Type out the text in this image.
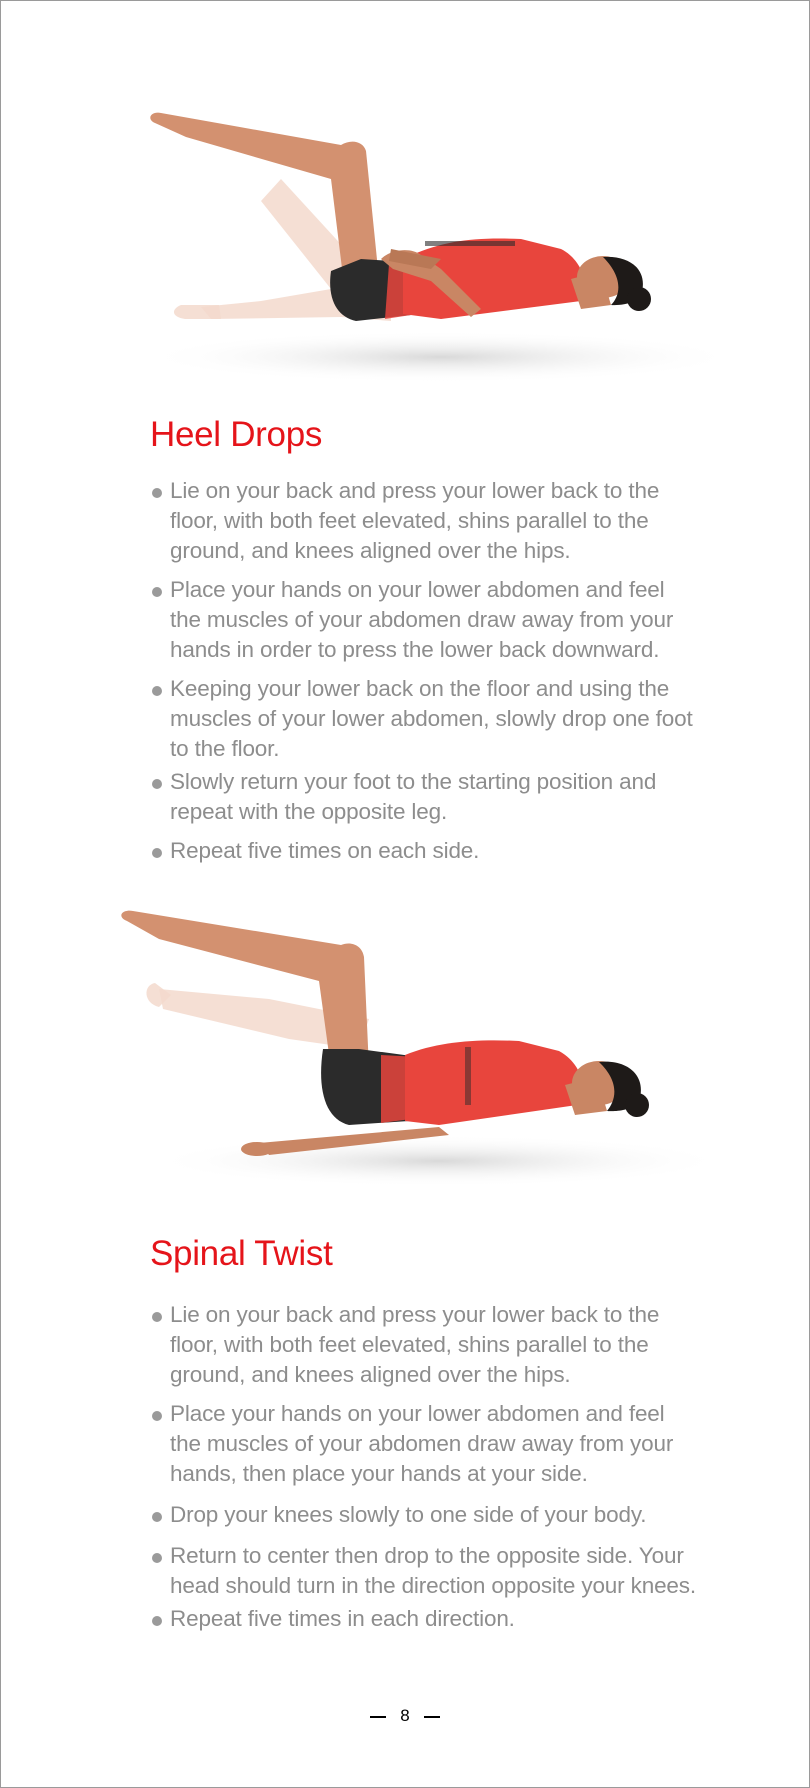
Heel Drops
Lie on your back and press your lower back to the floor, with both feet elevated, shins parallel to the ground, and knees aligned over the hips.
Place your hands on your lower abdomen and feel the muscles of your abdomen draw away from your hands in order to press the lower back downward.
Keeping your lower back on the floor and using the muscles of your lower abdomen, slowly drop one foot to the floor.
Slowly return your foot to the starting position and repeat with the opposite leg.
Repeat five times on each side.
Spinal Twist
Lie on your back and press your lower back to the floor, with both feet elevated, shins parallel to the ground, and knees aligned over the hips.
Place your hands on your lower abdomen and feel the muscles of your abdomen draw away from your hands, then place your hands at your side.
Drop your knees slowly to one side of your body.
Return to center then drop to the opposite side. Your head should turn in the direction opposite your knees.
Repeat five times in each direction.
8
